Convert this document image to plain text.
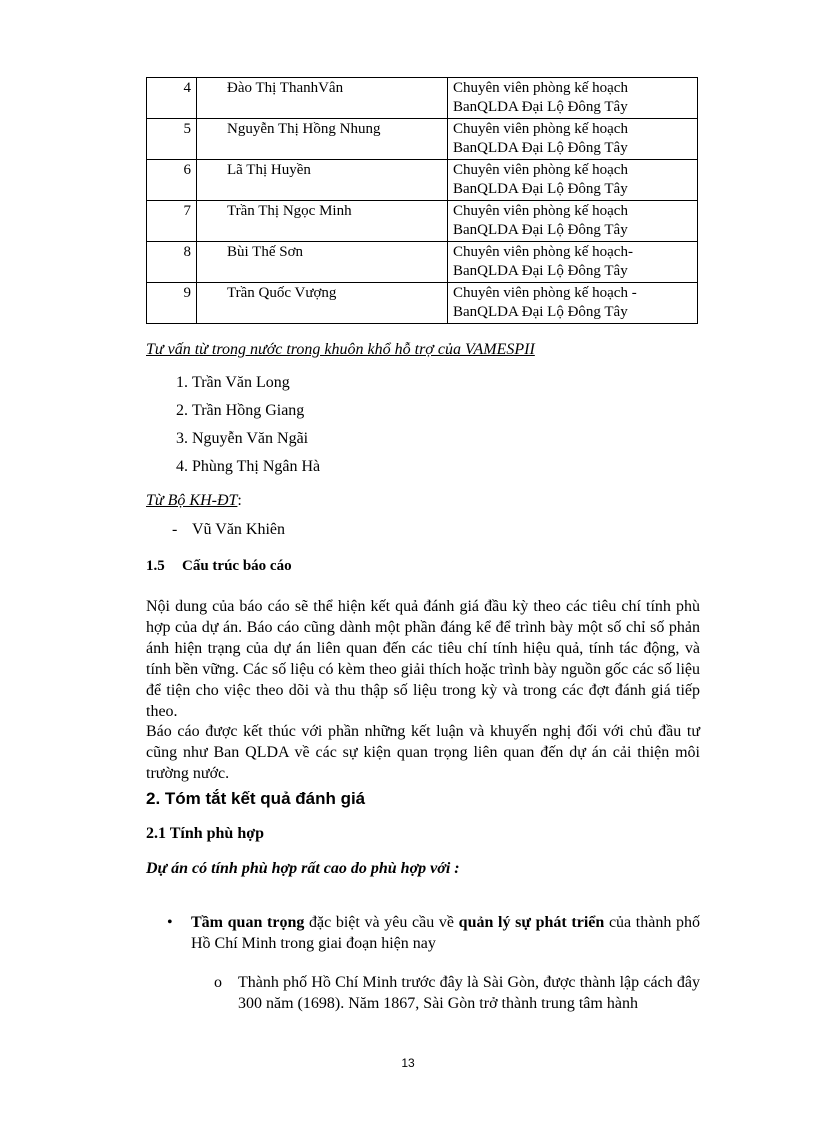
4	Đào Thị ThanhVân	Chuyên viên phòng kế hoạch
BanQLDA Đại Lộ Đông Tây
5	Nguyễn Thị Hồng Nhung	Chuyên viên phòng kế hoạch
BanQLDA Đại Lộ Đông Tây
6	Lã Thị Huyền	Chuyên viên phòng kế hoạch
BanQLDA Đại Lộ Đông Tây
7	Trần Thị Ngọc Minh	Chuyên viên phòng kế hoạch
BanQLDA Đại Lộ Đông Tây
8	Bùi Thế Sơn	Chuyên viên phòng kế hoạch-
BanQLDA Đại Lộ Đông Tây
9	Trần Quốc Vượng	Chuyên viên phòng kế hoạch -
BanQLDA Đại Lộ Đông Tây
Tư vấn từ trong nước trong khuôn khổ hỗ trợ của VAMESPII
1. Trần Văn Long
2. Trần Hồng Giang
3. Nguyễn Văn Ngãi
4. Phùng Thị Ngân Hà
Từ Bộ KH-ĐT:
- Vũ Văn Khiên
1.5 Cấu trúc báo cáo
Nội dung của báo cáo sẽ thể hiện kết quả đánh giá đầu kỳ theo các tiêu chí tính phù hợp của dự án. Báo cáo cũng dành một phần đáng kể để trình bày một số chỉ số phản ánh hiện trạng của dự án liên quan đến các tiêu chí tính hiệu quả, tính tác động, và tính bền vững. Các số liệu có kèm theo giải thích hoặc trình bày nguồn gốc các số liệu để tiện cho việc theo dõi và thu thập số liệu trong kỳ và trong các đợt đánh giá tiếp theo.
Báo cáo được kết thúc với phần những kết luận và khuyến nghị đối với chủ đầu tư cũng như Ban QLDA về các sự kiện quan trọng liên quan đến dự án cải thiện môi trường nước.
2. Tóm tắt kết quả đánh giá
2.1 Tính phù hợp
Dự án có tính phù hợp rất cao do phù hợp với :
• Tầm quan trọng đặc biệt và yêu cầu về quản lý sự phát triển của thành phố Hồ Chí Minh trong giai đoạn hiện nay
o Thành phố Hồ Chí Minh trước đây là Sài Gòn, được thành lập cách đây 300 năm (1698). Năm 1867, Sài Gòn trở thành trung tâm hành
13
